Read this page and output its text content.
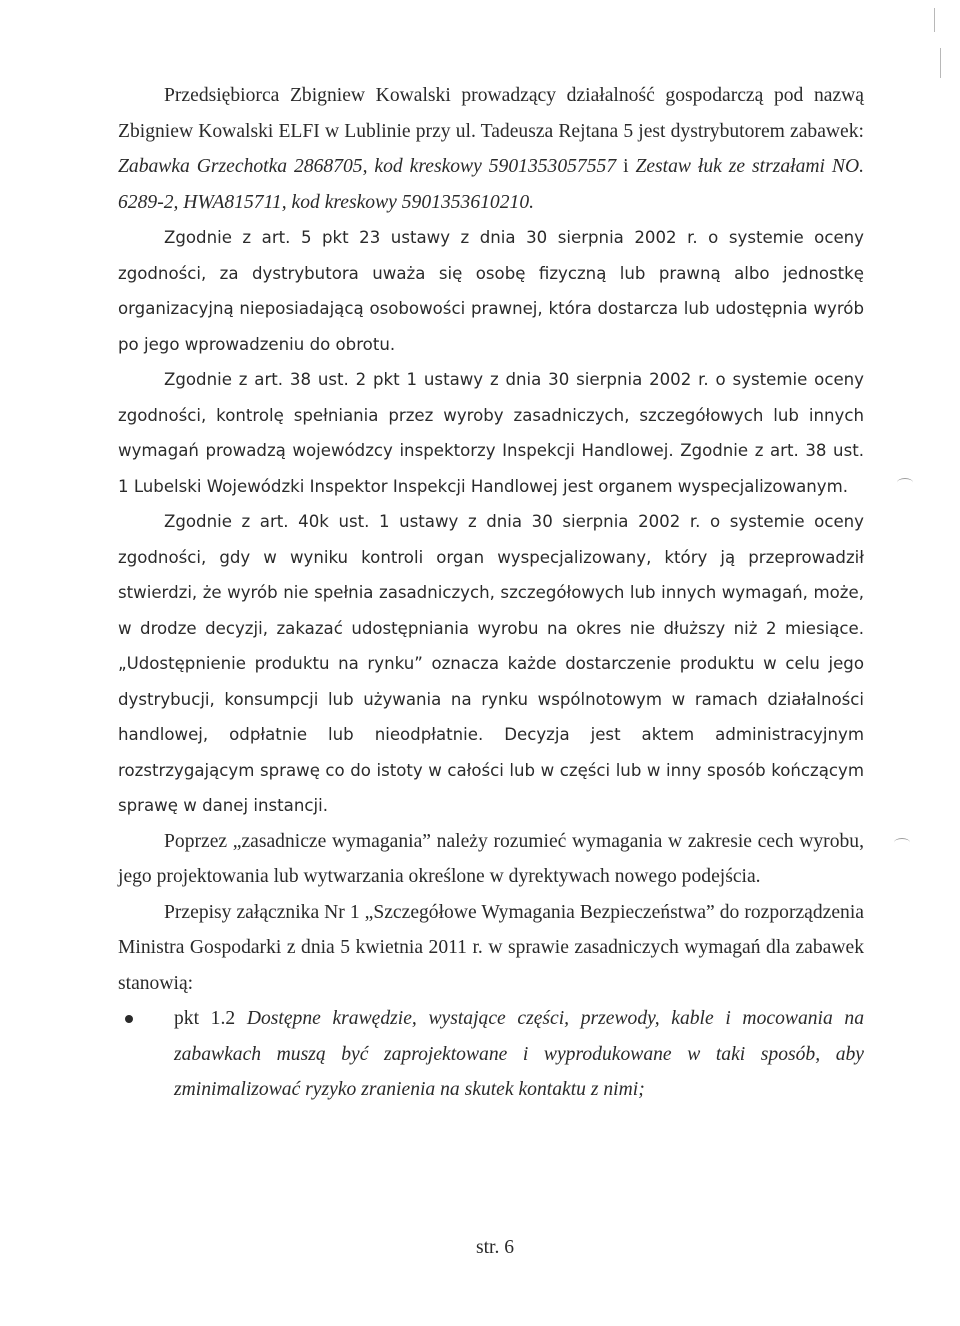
Przedsiębiorca Zbigniew Kowalski prowadzący działalność gospodarczą pod nazwą Zbigniew Kowalski ELFI w Lublinie przy ul. Tadeusza Rejtana 5 jest dystrybutorem zabawek: Zabawka Grzechotka 2868705, kod kreskowy 5901353057557 i Zestaw łuk ze strzałami NO. 6289-2, HWA815711, kod kreskowy 5901353610210.

Zgodnie z art. 5 pkt 23 ustawy z dnia 30 sierpnia 2002 r. o systemie oceny zgodności, za dystrybutora uważa się osobę fizyczną lub prawną albo jednostkę organizacyjną nieposiadającą osobowości prawnej, która dostarcza lub udostępnia wyrób po jego wprowadzeniu do obrotu.

Zgodnie z art. 38 ust. 2 pkt 1 ustawy z dnia 30 sierpnia 2002 r. o systemie oceny zgodności, kontrolę spełniania przez wyroby zasadniczych, szczegółowych lub innych wymagań prowadzą wojewódzcy inspektorzy Inspekcji Handlowej. Zgodnie z art. 38 ust. 1 Lubelski Wojewódzki Inspektor Inspekcji Handlowej jest organem wyspecjalizowanym.

Zgodnie z art. 40k ust. 1 ustawy z dnia 30 sierpnia 2002 r. o systemie oceny zgodności, gdy w wyniku kontroli organ wyspecjalizowany, który ją przeprowadził stwierdzi, że wyrób nie spełnia zasadniczych, szczegółowych lub innych wymagań, może, w drodze decyzji, zakazać udostępniania wyrobu na okres nie dłuższy niż 2 miesiące. „Udostępnienie produktu na rynku” oznacza każde dostarczenie produktu w celu jego dystrybucji, konsumpcji lub używania na rynku wspólnotowym w ramach działalności handlowej, odpłatnie lub nieodpłatnie. Decyzja jest aktem administracyjnym rozstrzygającym sprawę co do istoty w całości lub w części lub w inny sposób kończącym sprawę w danej instancji.

Poprzez „zasadnicze wymagania” należy rozumieć wymagania w zakresie cech wyrobu, jego projektowania lub wytwarzania określone w dyrektywach nowego podejścia.

Przepisy załącznika Nr 1 „Szczegółowe Wymagania Bezpieczeństwa” do rozporządzenia Ministra Gospodarki z dnia 5 kwietnia 2011 r. w sprawie zasadniczych wymagań dla zabawek stanowią:

pkt 1.2 Dostępne krawędzie, wystające części, przewody, kable i mocowania na zabawkach muszą być zaprojektowane i wyprodukowane w taki sposób, aby zminimalizować ryzyko zranienia na skutek kontaktu z nimi;
str. 6
